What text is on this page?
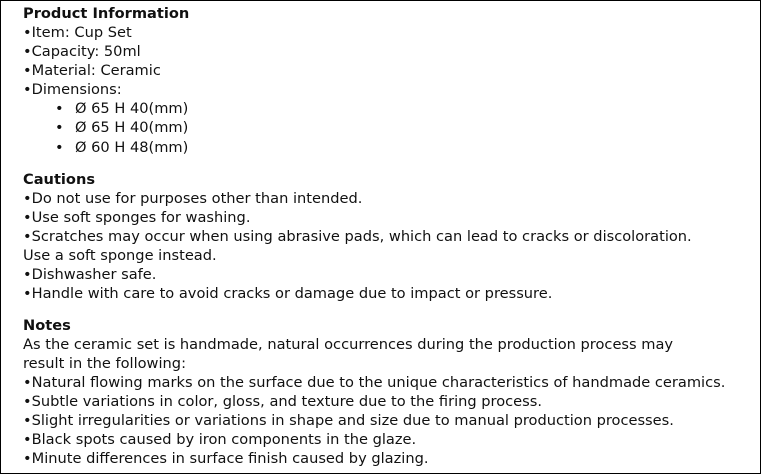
Product Information

•Item: Cup Set

•Capacity: 50ml

•Material: Ceramic

•Dimensions:

• Ø 65 H 40(mm)
• Ø 65 H 40(mm)
• Ø 60 H 48(mm)

Cautions

•Do not use for purposes other than intended.

•Use soft sponges for washing.

•Scratches may occur when using abrasive pads, which can lead to cracks or discoloration. Use a soft sponge instead.

•Dishwasher safe.

•Handle with care to avoid cracks or damage due to impact or pressure.

Notes

As the ceramic set is handmade, natural occurrences during the production process may result in the following:

•Natural flowing marks on the surface due to the unique characteristics of handmade ceramics.

•Subtle variations in color, gloss, and texture due to the firing process.

•Slight irregularities or variations in shape and size due to manual production processes.

•Black spots caused by iron components in the glaze.

•Minute differences in surface finish caused by glazing.
